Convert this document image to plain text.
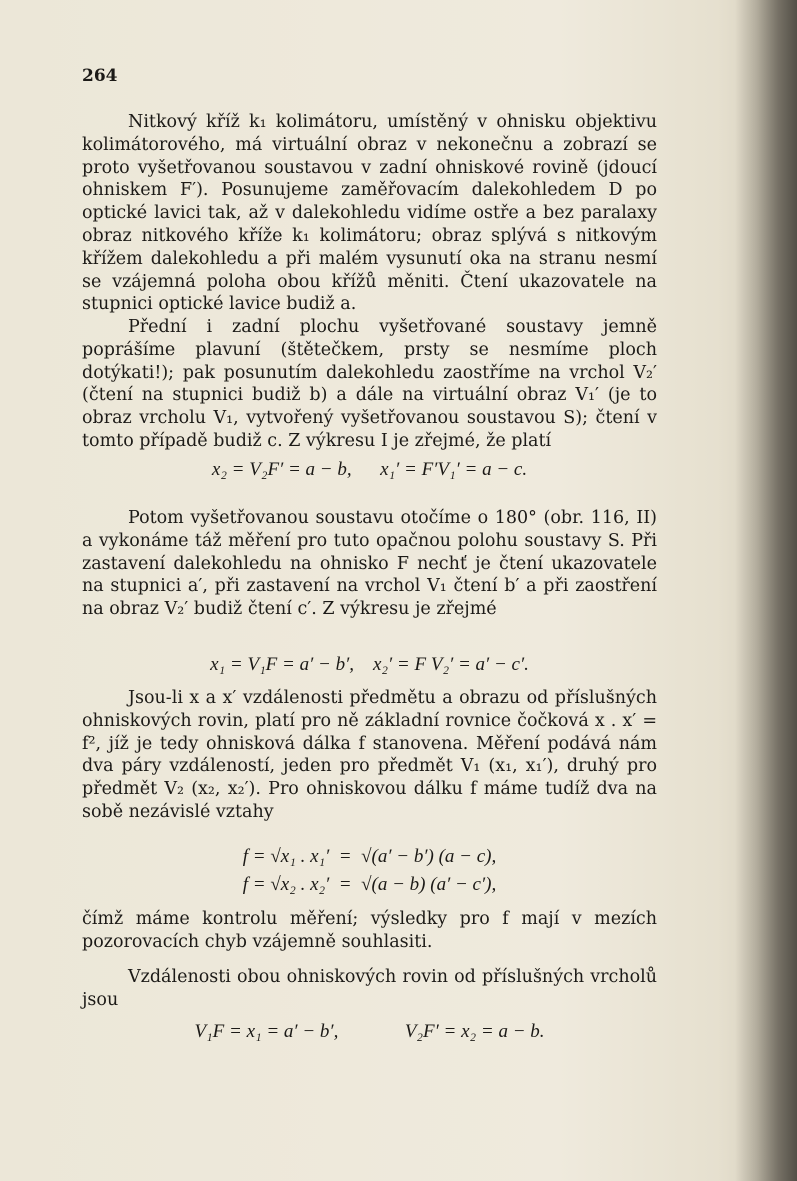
264
Nitkový kříž k₁ kolimátoru, umístěný v ohnisku objektivu kolimátorového, má virtuální obraz v nekonečnu a zobrazí se proto vyšetřovanou soustavou v zadní ohniskové rovině (jdoucí ohniskem F′). Posunujeme zaměřovacím dalekohledem D po optické lavici tak, až v dalekohledu vidíme ostře a bez paralaxy obraz nitkového kříže k₁ kolimátoru; obraz splývá s nitkovým křížem dalekohledu a při malém vysunutí oka na stranu nesmí se vzájemná poloha obou křížů měniti. Čtení ukazovatele na stupnici optické lavice budiž a.
Přední i zadní plochu vyšetřované soustavy jemně poprášíme plavuní (štětečkem, prsty se nesmíme ploch dotýkati!); pak posunutím dalekohledu zaostříme na vrchol V₂′ (čtení na stupnici budiž b) a dále na virtuální obraz V₁′ (je to obraz vrcholu V₁, vytvořený vyšetřovanou soustavou S); čtení v tomto případě budiž c. Z výkresu I je zřejmé, že platí
x₂ = V₂F′ = a − b,      x₁′ = F′V₁′ = a − c.
Potom vyšetřovanou soustavu otočíme o 180° (obr. 116, II) a vykonáme táž měření pro tuto opačnou polohu soustavy S. Při zastavení dalekohledu na ohnisko F nechť je čtení ukazovatele na stupnici a′, při zastavení na vrchol V₁ čtení b′ a při zaostření na obraz V₂′ budiž čtení c′. Z výkresu je zřejmé
x₁ = V₁F = a′ − b′,    x₂′ = F V₂′ = a′ − c′.
Jsou-li x a x′ vzdálenosti předmětu a obrazu od příslušných ohniskových rovin, platí pro ně základní rovnice čočková x . x′ = f², jíž je tedy ohnisková dálka f stanovena. Měření podává nám dva páry vzdáleností, jeden pro předmět V₁ (x₁, x₁′), druhý pro předmět V₂ (x₂, x₂′). Pro ohniskovou dálku f máme tudíž dva na sobě nezávislé vztahy
f = √x₁ . x₁′  =  √(a′ − b′) (a − c),
f = √x₂ . x₂′  =  √(a − b) (a′ − c′),
čímž máme kontrolu měření; výsledky pro f mají v mezích pozorovacích chyb vzájemně souhlasiti.
Vzdálenosti obou ohniskových rovin od příslušných vrcholů jsou
V₁F = x₁ = a′ − b′,              V₂F′ = x₂ = a − b.
